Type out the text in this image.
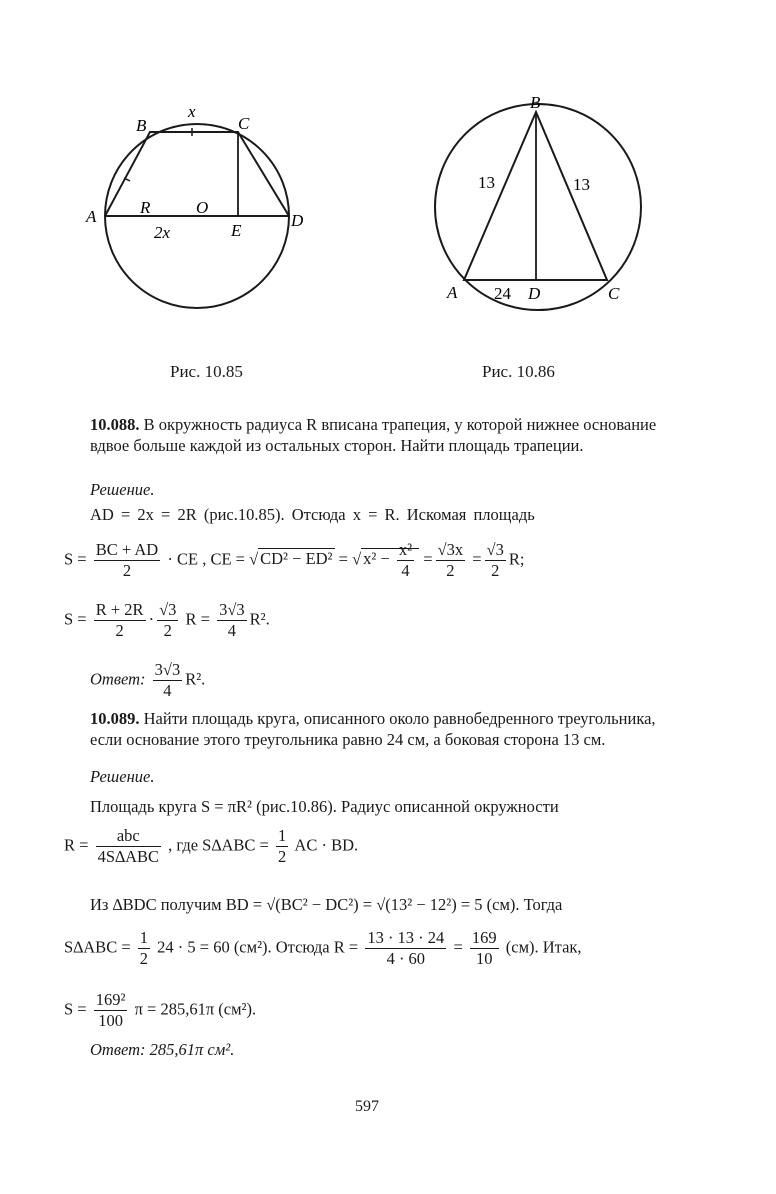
x
B	C
A	D
R	O
2x	E
Рис. 10.85
B
13	13
A 24 D	C
Рис. 10.86
10.088. В окружность радиуса R вписана трапеция, у которой нижнее основание вдвое больше каждой из остальных сторон. Найти площадь трапеции.
Решение.
AD = 2x = 2R (рис.10.85). Отсюда x = R. Искомая площадь
$S = \frac{BC + AD}{2}$ · CE , CE = √ CD² − ED² = √ $x^2 - \frac{\text{x²}}{4} = \frac{√3x}{2} = \frac{√3}{2} R$;
$S = \frac{R + 2R}{2} \cdot \frac{√3}{2}$ $R = \frac{3√3}{4} R^2$.
Ответ: $\frac{3√3}{4} R^2$.
10.089. Найти площадь круга, описанного около равнобедренного треугольника, если основание этого треугольника равно 24 см, а боковая сторона 13 см.
Решение.
Площадь круга S = πR² (рис.10.86). Радиус описанной окружности
$R = \frac{\text{abc}}{\text{4S∆ABC}}$ , где $S\Delta ABC = \frac{1}{2}$ AC · BD.
Из ∆BDC получим BD = √(BC² − DC²) = √(13² − 12²) = 5 (см). Тогда
$S\Delta ABC = \frac{1}{2} 24 \cdot 5 = 60$ (см²). Отсюда $R = \frac{13 \cdot 13 \cdot 24}{4 \cdot 60} = \frac{169}{10} (см)$. Итак,
$S = \frac{\text{169²}}{100}$ π = 285,61π (см²).
Ответ: 285,61π см².
597
